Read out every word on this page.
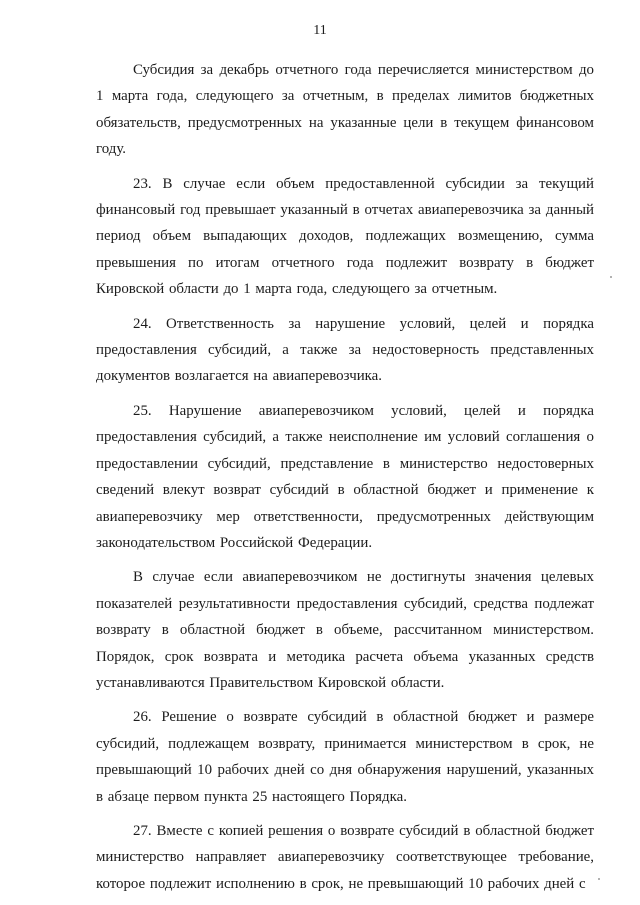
11

Субсидия за декабрь отчетного года перечисляется министерством до 1 марта года, следующего за отчетным, в пределах лимитов бюджетных обязательств, предусмотренных на указанные цели в текущем финансовом году.

23. В случае если объем предоставленной субсидии за текущий финансовый год превышает указанный в отчетах авиаперевозчика за данный период объем выпадающих доходов, подлежащих возмещению, сумма превышения по итогам отчетного года подлежит возврату в бюджет Кировской области до 1 марта года, следующего за отчетным.

24. Ответственность за нарушение условий, целей и порядка предоставления субсидий, а также за недостоверность представленных документов возлагается на авиаперевозчика.

25. Нарушение авиаперевозчиком условий, целей и порядка предоставления субсидий, а также неисполнение им условий соглашения о предоставлении субсидий, представление в министерство недостоверных сведений влекут возврат субсидий в областной бюджет и применение к авиаперевозчику мер ответственности, предусмотренных действующим законодательством Российской Федерации.

В случае если авиаперевозчиком не достигнуты значения целевых показателей результативности предоставления субсидий, средства подлежат возврату в областной бюджет в объеме, рассчитанном министерством. Порядок, срок возврата и методика расчета объема указанных средств устанавливаются Правительством Кировской области.

26. Решение о возврате субсидий в областной бюджет и размере субсидий, подлежащем возврату, принимается министерством в срок, не превышающий 10 рабочих дней со дня обнаружения нарушений, указанных в абзаце первом пункта 25 настоящего Порядка.

27. Вместе с копией решения о возврате субсидий в областной бюджет министерство направляет авиаперевозчику соответствующее требование, которое подлежит исполнению в срок, не превышающий 10 рабочих дней с
